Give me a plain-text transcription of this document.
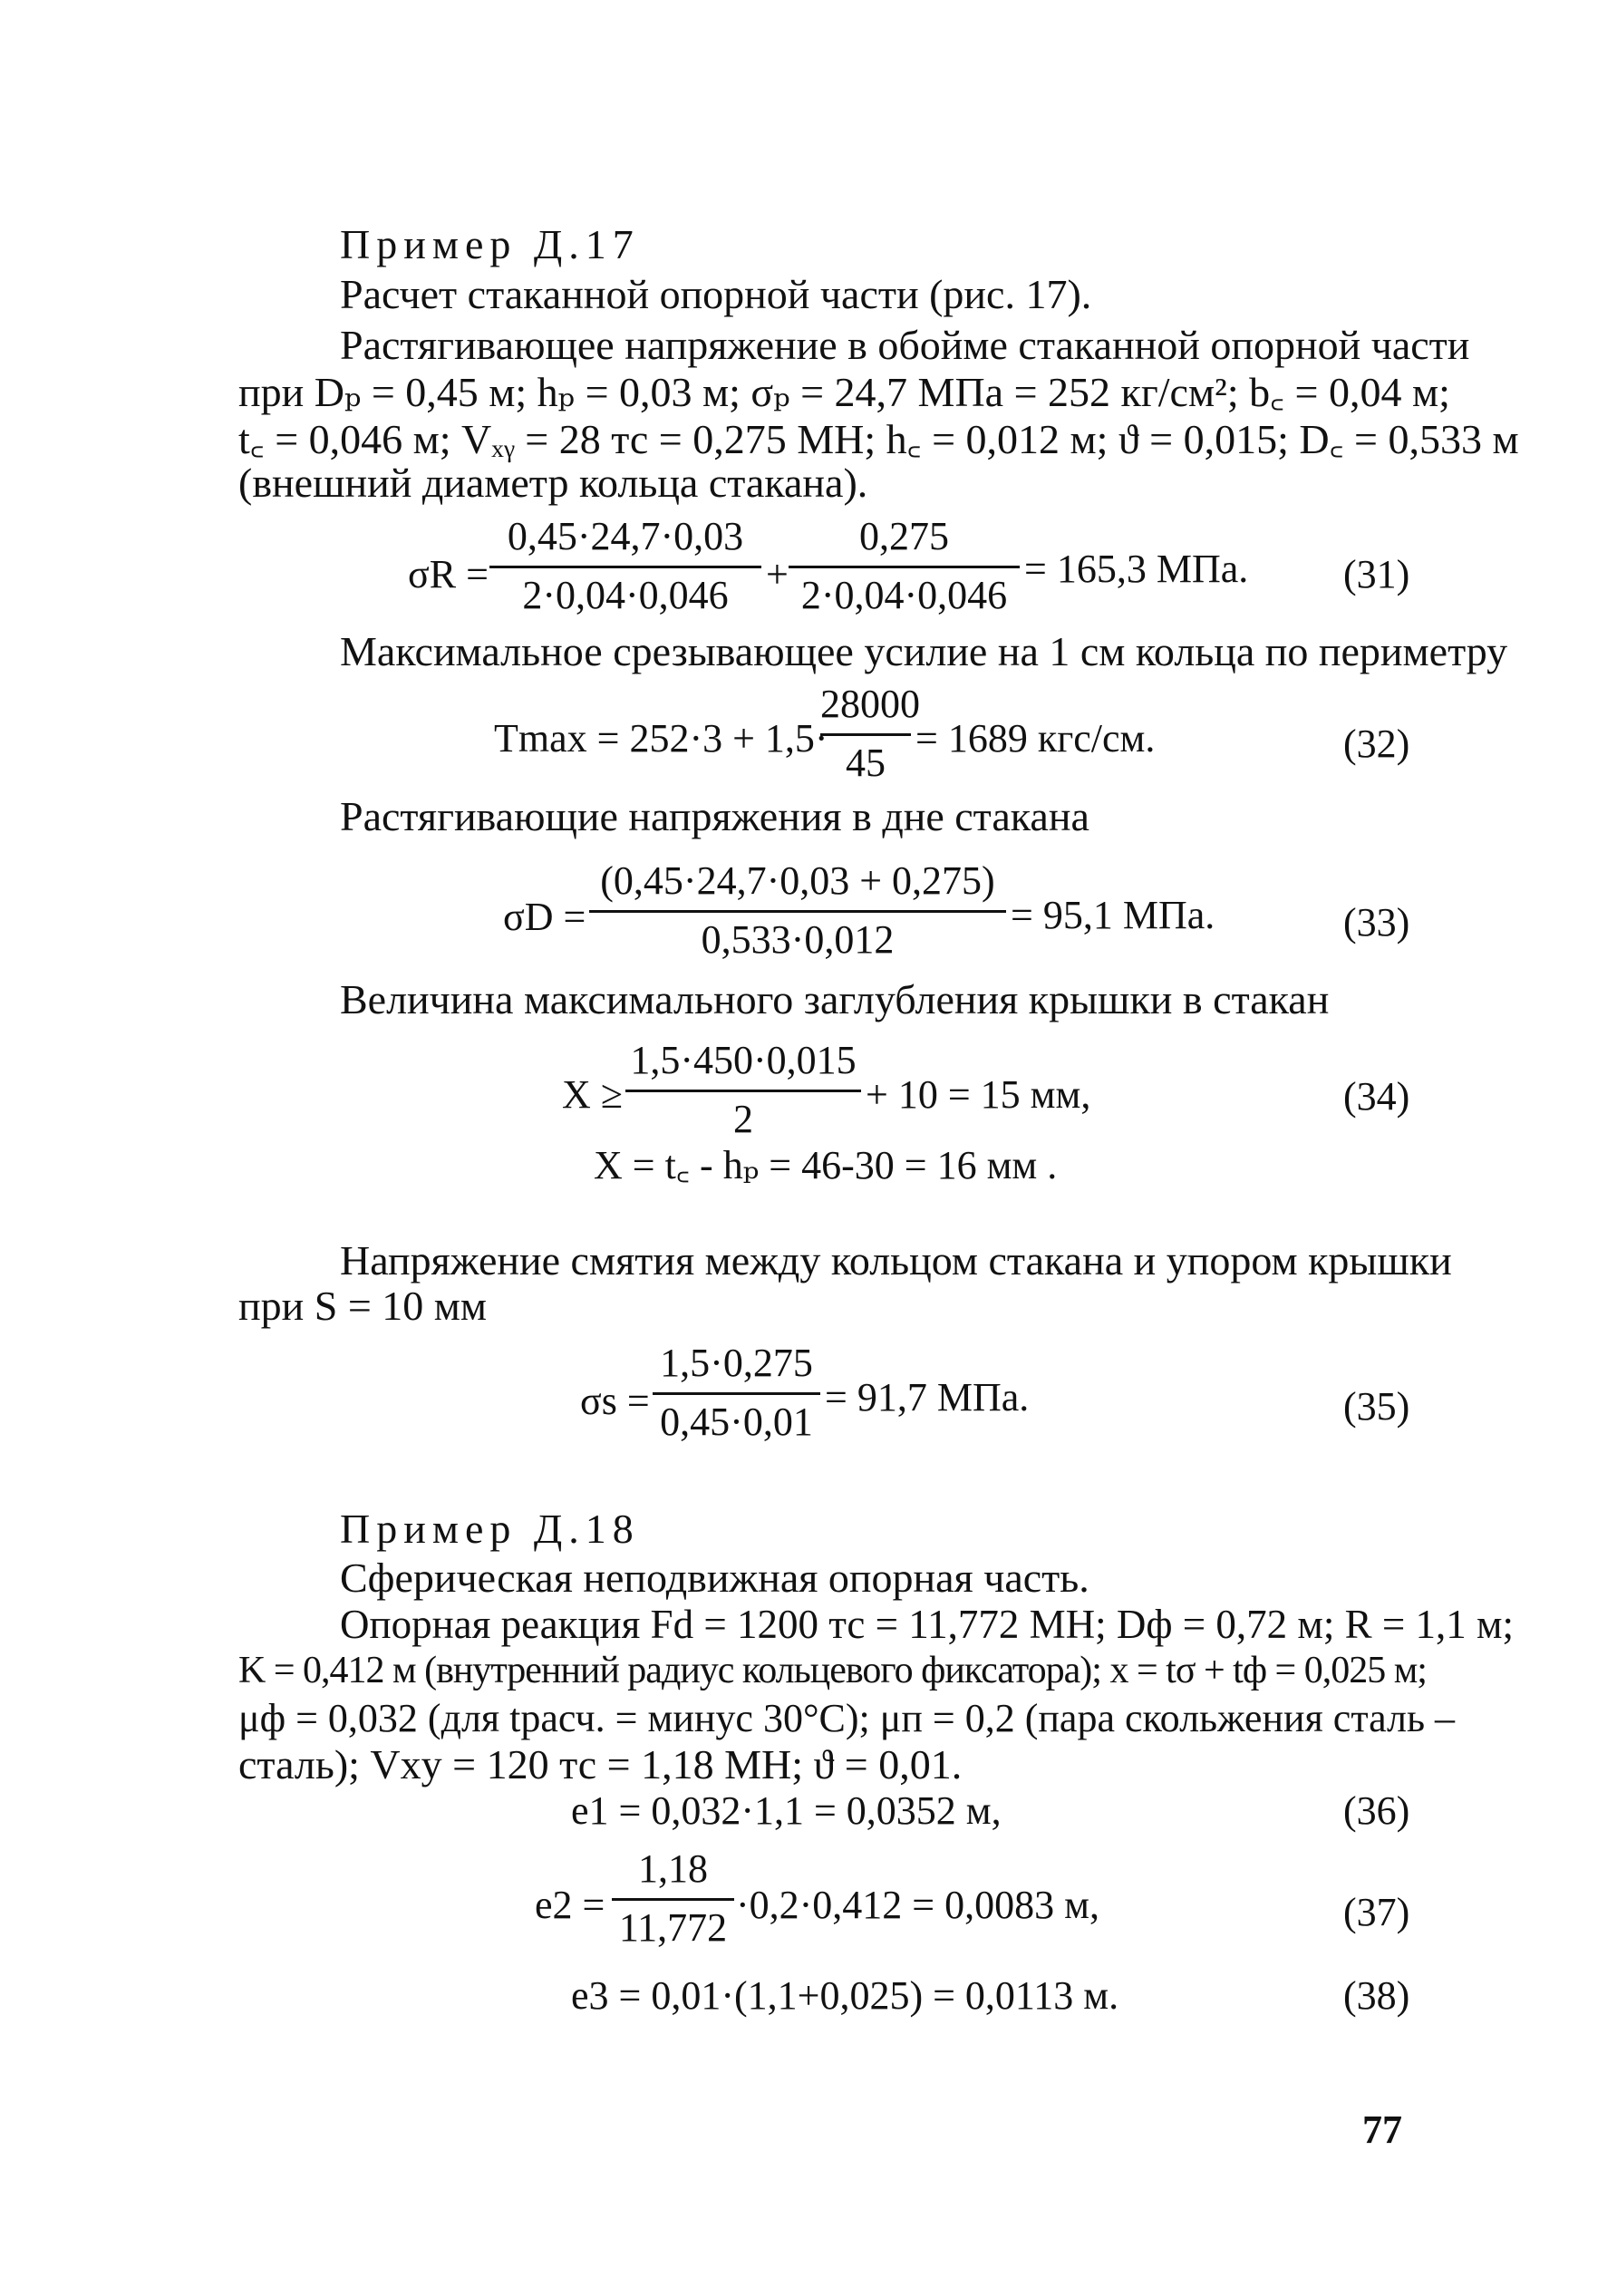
Пример Д.17
Расчет стаканной опорной части (рис. 17).
Растягивающее напряжение в обойме стаканной опорной части
при Dₚ = 0,45 м; hₚ = 0,03 м; σₚ = 24,7 МПа = 252 кг/см²; b꜀ = 0,04 м;
t꜀ = 0,046 м; Vₓᵧ = 28 тс = 0,275 МН; h꜀ = 0,012 м; ϑ = 0,015; D꜀ = 0,533 м
(внешний диаметр кольца стакана).
$\sigma R = \frac{0,45\cdot 24,7\cdot 0,03}{2\cdot 0,04\cdot 0,046} + \frac{0,275}{2\cdot 0,04\cdot 0,046} = 165,3$ МПа. (31)
Максимальное срезывающее усилие на 1 см кольца по периметру
Tmax = 252·3 + 1,5·
$\frac{28000}{45} = 1689$ кгс/см.	(32)
Растягивающие напряжения в дне стакана
$\sigma D = \frac{(0,45\cdot 24,7\cdot 0,03 + 0,275)}{0,533\cdot 0,012} = 95,1$ МПа.	(33)
Величина максимального заглубления крышки в стакан
$X \ge \frac{1,5\cdot 450\cdot 0,015}{2} + 10 = 15$ мм,	(34)
X = t꜀ - hₚ = 46-30 = 16 мм .
Напряжение смятия между кольцом стакана и упором крышки
при S = 10 мм
$\sigma s = \frac{1,5\cdot 0,275}{0,45\cdot 0,01} = 91,7$ МПа.	(35)
Пример Д.18
Сферическая неподвижная опорная часть.
Опорная реакция Fd = 1200 тс = 11,772 МН; Dф = 0,72 м; R = 1,1 м;
K = 0,412 м (внутренний радиус кольцевого фиксатора); x = tσ + tф = 0,025 м;
μф = 0,032 (для tрасч. = минус 30°С); μп = 0,2 (пара скольжения сталь –
сталь); Vxy = 120 тс = 1,18 МН; ϑ = 0,01.
e1 = 0,032·1,1 = 0,0352 м,	(36)
$e2 = \frac{1,18}{11,772} \cdot 0,2\cdot 0,412 = 0,0083$ м,	(37)
e3 = 0,01·(1,1+0,025) = 0,0113 м.	(38)
77
